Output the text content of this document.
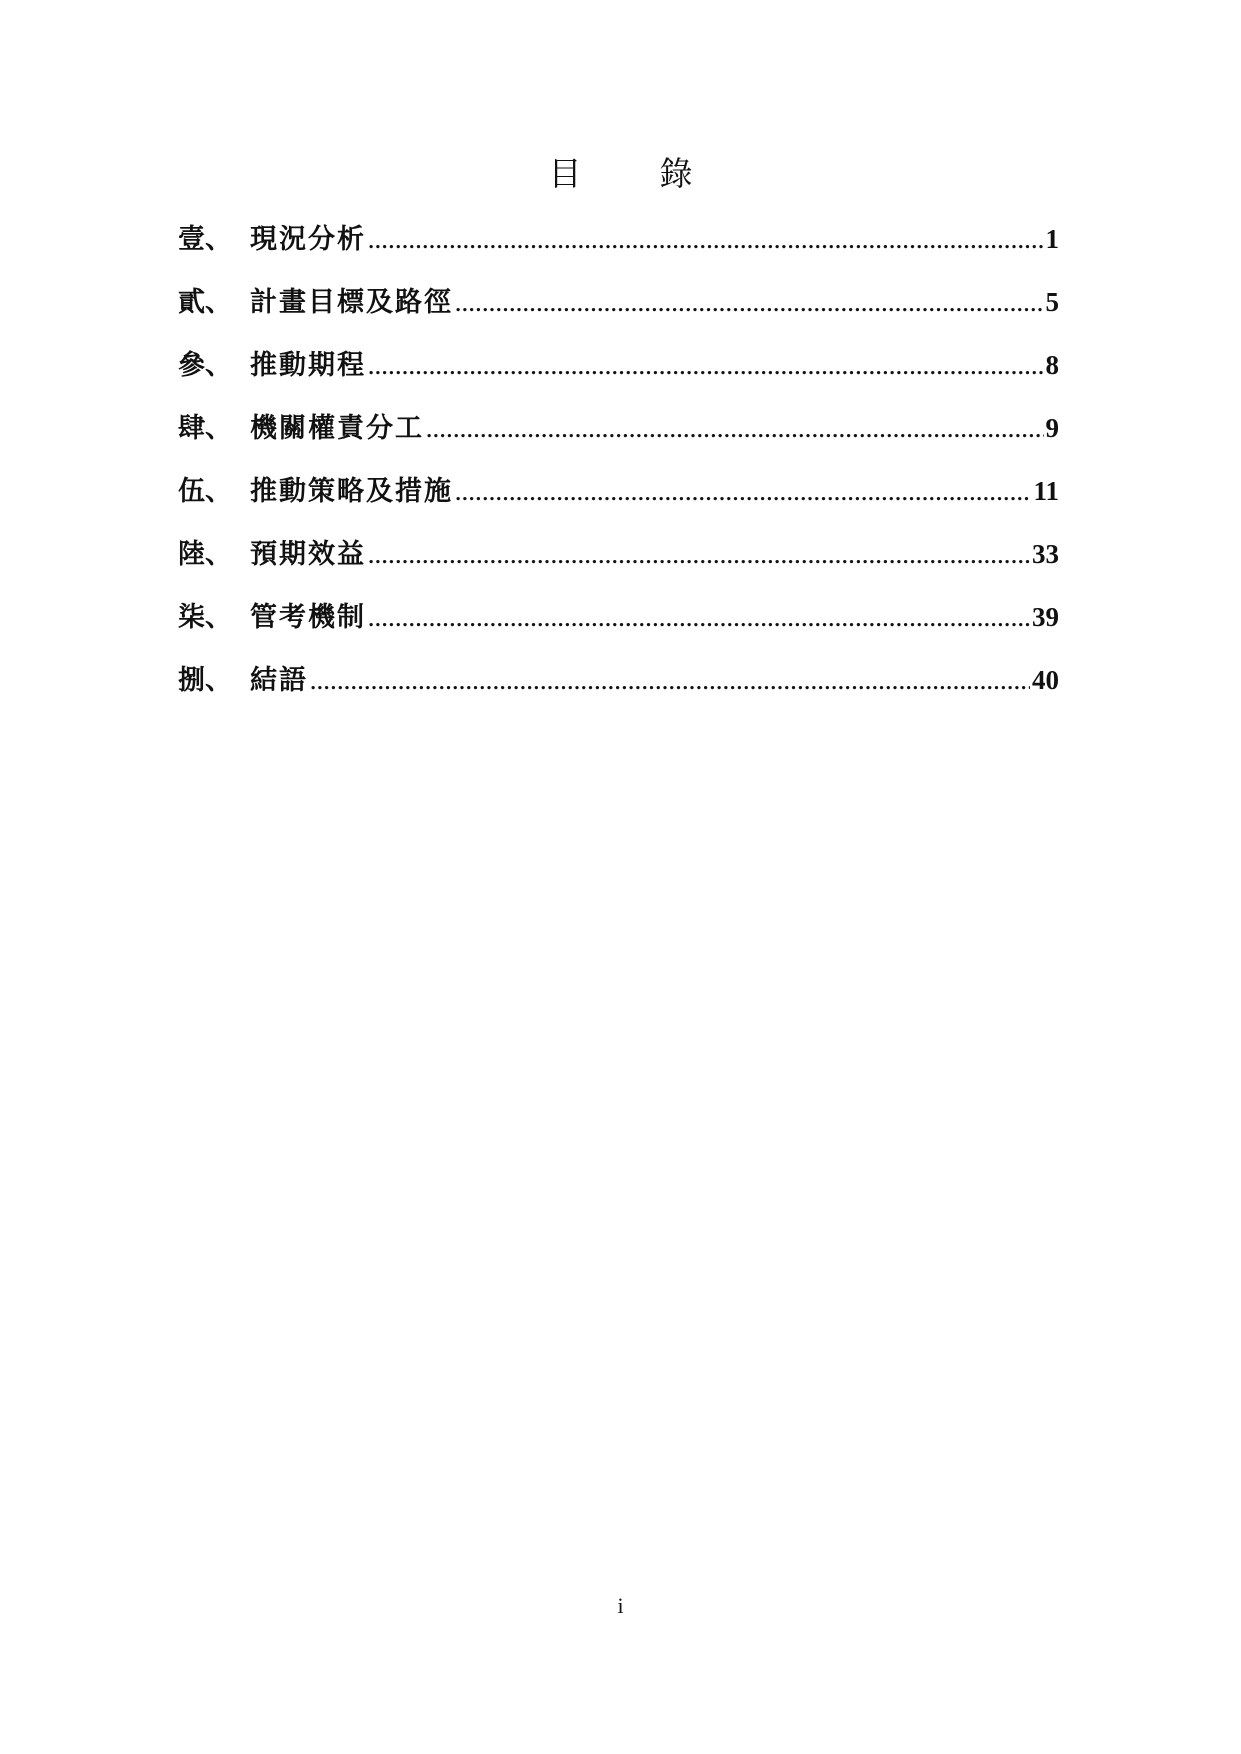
目 錄
壹、 現況分析 .....	1
貳、 計畫目標及路徑 .....	5
參、 推動期程 .....	8
肆、 機關權責分工 .....	9
伍、 推動策略及措施 .....	11
陸、 預期效益 .....	33
柒、 管考機制 .....	39
捌、 結語 .....	40
i
